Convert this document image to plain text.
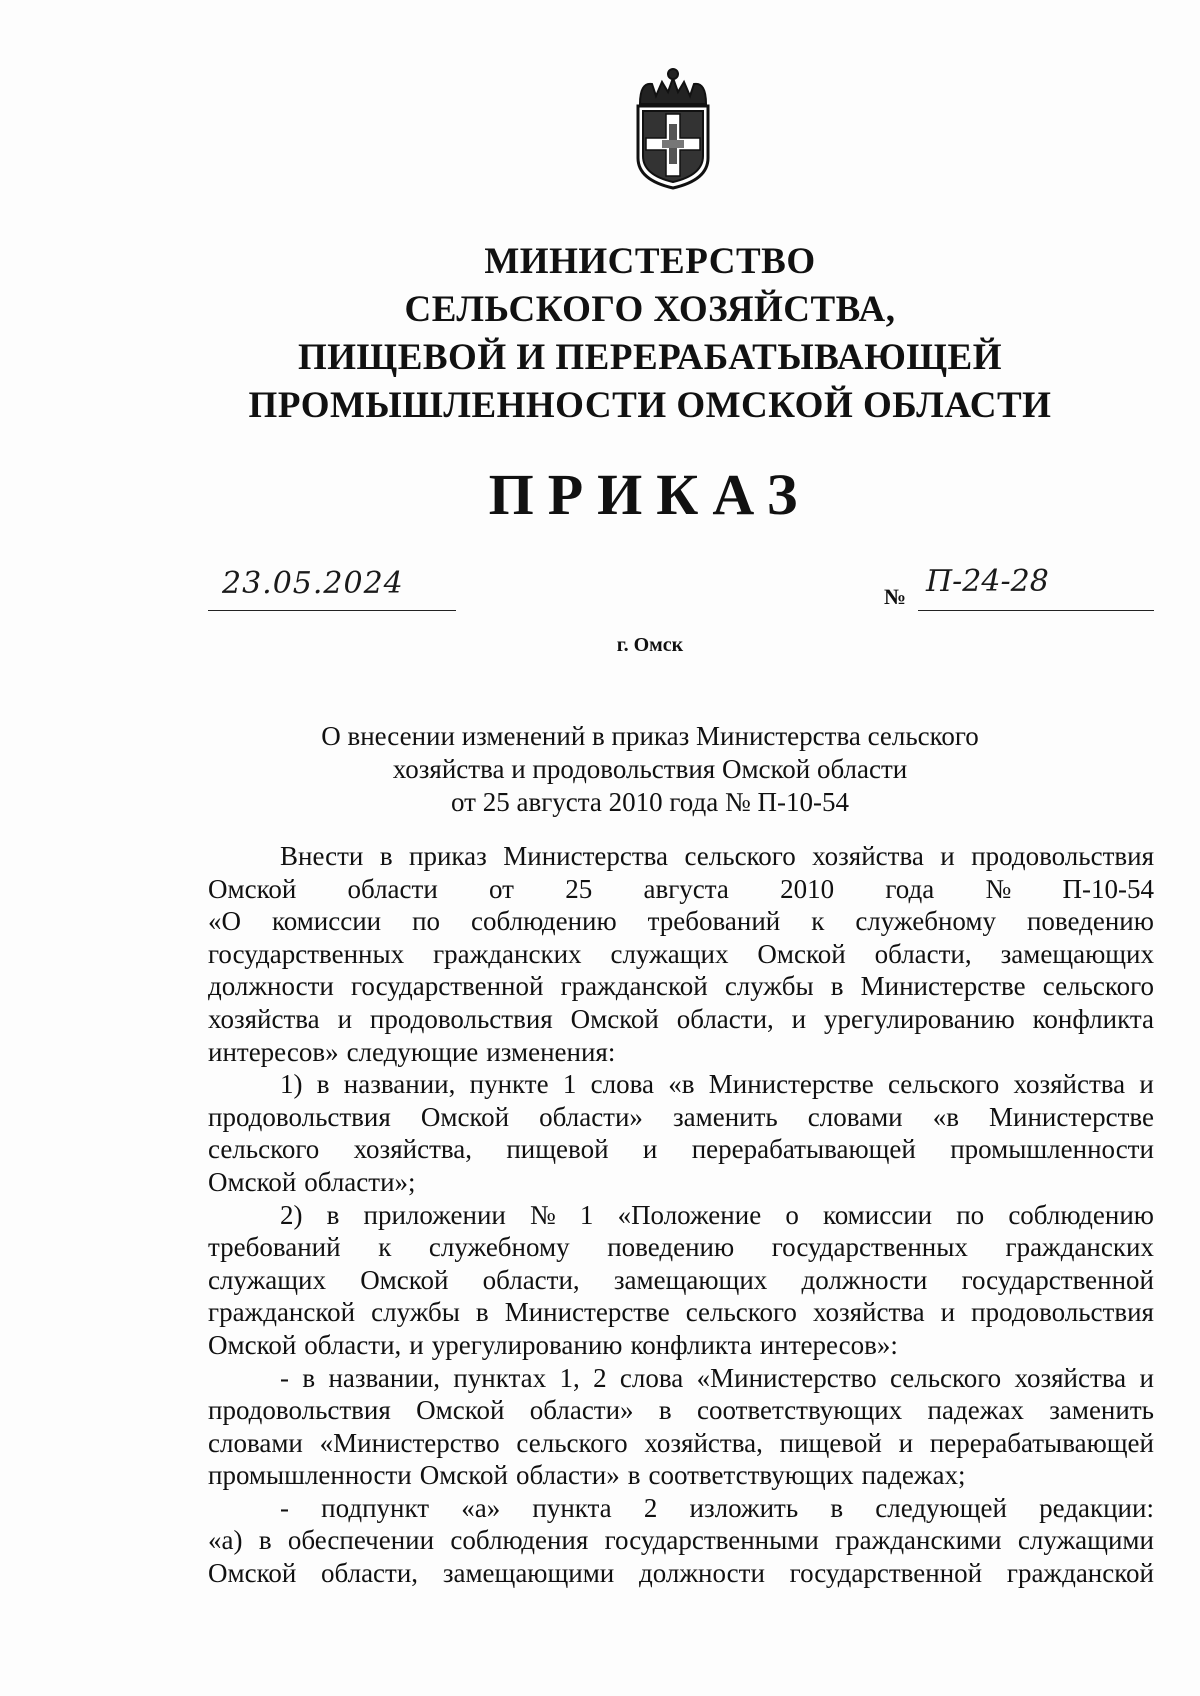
МИНИСТЕРСТВО
СЕЛЬСКОГО ХОЗЯЙСТВА,
ПИЩЕВОЙ И ПЕРЕРАБАТЫВАЮЩЕЙ
ПРОМЫШЛЕННОСТИ ОМСКОЙ ОБЛАСТИ
ПРИКАЗ
23.05.2024	№ П-24-28
г. Омск
О внесении изменений в приказ Министерства сельского
хозяйства и продовольствия Омской области
от 25 августа 2010 года № П-10-54
Внести в приказ Министерства сельского хозяйства и продовольствия
Омской области от 25 августа 2010 года № П-10-54
«О комиссии по соблюдению требований к служебному поведению
государственных гражданских служащих Омской области, замещающих
должности государственной гражданской службы в Министерстве сельского
хозяйства и продовольствия Омской области, и урегулированию конфликта
интересов» следующие изменения:
1) в названии, пункте 1 слова «в Министерстве сельского хозяйства и
продовольствия Омской области» заменить словами «в Министерстве
сельского хозяйства, пищевой и перерабатывающей промышленности
Омской области»;
2) в приложении № 1 «Положение о комиссии по соблюдению
требований к служебному поведению государственных гражданских
служащих Омской области, замещающих должности государственной
гражданской службы в Министерстве сельского хозяйства и продовольствия
Омской области, и урегулированию конфликта интересов»:
- в названии, пунктах 1, 2 слова «Министерство сельского хозяйства и
продовольствия Омской области» в соответствующих падежах заменить
словами «Министерство сельского хозяйства, пищевой и перерабатывающей
промышленности Омской области» в соответствующих падежах;
- подпункт «а» пункта 2 изложить в следующей редакции:
«а) в обеспечении соблюдения государственными гражданскими служащими
Омской области, замещающими должности государственной гражданской
